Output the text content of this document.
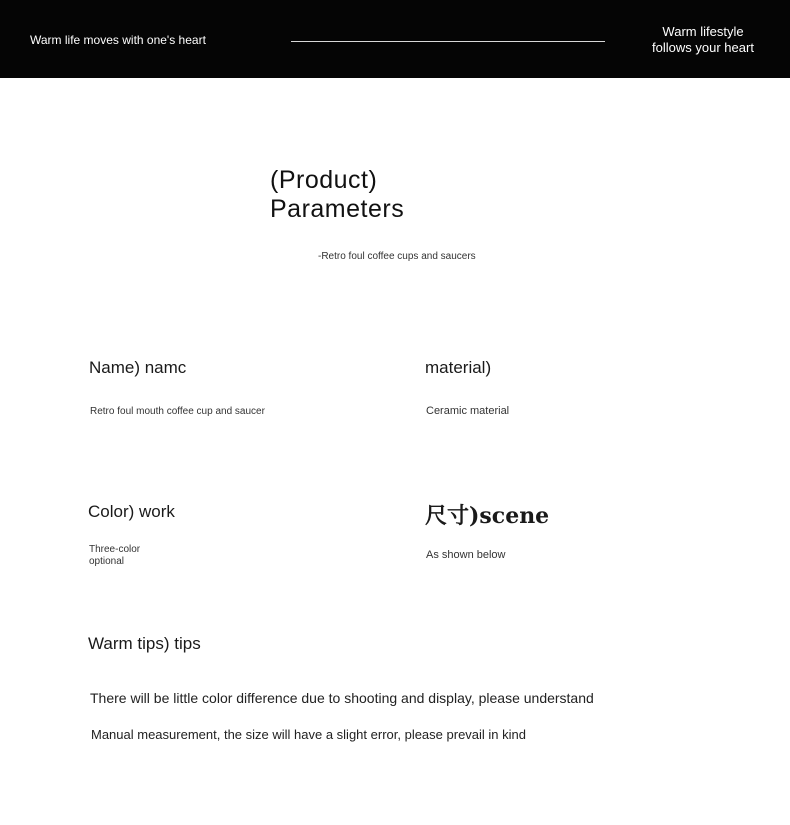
Warm life moves with one's heart
Warm lifestyle
follows your heart
(Product)
Parameters
-Retro foul coffee cups and saucers
Name) namc
Retro foul mouth coffee cup and saucer
material)
Ceramic material
Color) work
Three-color
optional
尺寸)scene
As shown below
Warm tips) tips
There will be little color difference due to shooting and display, please understand
Manual measurement, the size will have a slight error, please prevail in kind
